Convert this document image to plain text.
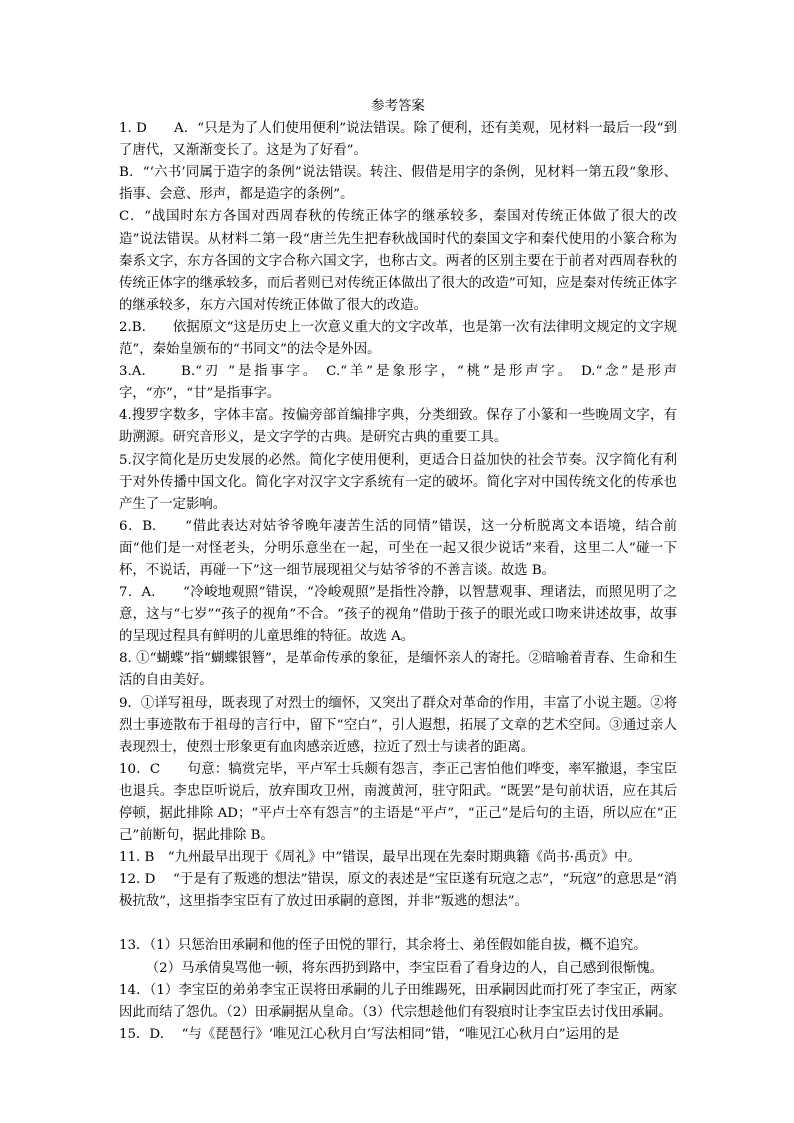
参考答案

1. D　　A．“只是为了人们使用便利”说法错误。除了便利，还有美观，见材料一最后一段“到了唐代，又渐渐变长了。这是为了好看”。

B．“‘六书’同属于造字的条例”说法错误。转注、假借是用字的条例，见材料一第五段“象形、指事、会意、形声，都是造字的条例”。

C．“战国时东方各国对西周春秋的传统正体字的继承较多，秦国对传统正体做了很大的改造”说法错误。从材料二第一段“唐兰先生把春秋战国时代的秦国文字和秦代使用的小篆合称为秦系文字，东方各国的文字合称六国文字，也称古文。两者的区别主要在于前者对西周春秋的传统正体字的继承较多，而后者则已对传统正体做出了很大的改造”可知，应是秦对传统正体字的继承较多，东方六国对传统正体做了很大的改造。

2.B.　　依据原文“这是历史上一次意义重大的文字改革，也是第一次有法律明文规定的文字规范”，秦始皇颁布的“书同文”的法令是外因。

3.A.　　B.“刃 ”是指事字。 C.“羊”是象形字，“桃”是形声字。 D.“念”是形声字，“亦”，“甘”是指事字。

4.搜罗字数多，字体丰富。按偏旁部首编排字典，分类细致。保存了小篆和一些晚周文字，有助溯源。研究音形义，是文字学的古典。是研究古典的重要工具。

5.汉字简化是历史发展的必然。简化字使用便利，更适合日益加快的社会节奏。汉字简化有利于对外传播中国文化。简化字对汉字文字系统有一定的破坏。简化字对中国传统文化的传承也产生了一定影响。

6．B.　　“借此表达对姑爷爷晚年凄苦生活的同情”错误，这一分析脱离文本语境，结合前面“他们是一对怪老头，分明乐意坐在一起，可坐在一起又很少说话”来看，这里二人“碰一下杯，不说话，再碰一下”这一细节展现祖父与姑爷爷的不善言谈。故选 B。

7．A.　　“冷峻地观照”错误，“冷峻观照”是指性冷静，以智慧观事、理诸法，而照见明了之意，这与“七岁”“孩子的视角”不合。“孩子的视角”借助于孩子的眼光或口吻来讲述故事，故事的呈现过程具有鲜明的儿童思维的特征。故选 A。

8. ①“蝴蝶”指“蝴蝶银簪”，是革命传承的象征，是缅怀亲人的寄托。②暗喻着青春、生命和生活的自由美好。

9．①详写祖母，既表现了对烈士的缅怀，又突出了群众对革命的作用，丰富了小说主题。②将烈士事迹散布于祖母的言行中，留下“空白”，引人遐想，拓展了文章的艺术空间。③通过亲人表现烈士，使烈士形象更有血肉感亲近感，拉近了烈士与读者的距离。

10．C　　句意：犒赏完毕，平卢军士兵颇有怨言，李正己害怕他们哗变，率军撤退，李宝臣也退兵。李忠臣听说后，放弃围攻卫州，南渡黄河，驻守阳武。“既罢”是句前状语，应在其后停顿，据此排除 AD；“平卢士卒有怨言”的主语是“平卢”，“正己”是后句的主语，所以应在“正己”前断句，据此排除 B。

11. B　“九州最早出现于《周礼》中”错误，最早出现在先秦时期典籍《尚书·禹贡》中。

12. D　 “于是有了叛逃的想法”错误，原文的表述是“宝臣遂有玩寇之志”，“玩寇”的意思是“消极抗敌”，这里指李宝臣有了放过田承嗣的意图，并非“叛逃的想法”。

13．（1）只惩治田承嗣和他的侄子田悦的罪行，其余将士、弟侄假如能自拔，概不追究。

（2）马承倩臭骂他一顿，将东西扔到路中，李宝臣看了看身边的人，自己感到很惭愧。

14．（1）李宝臣的弟弟李宝正误将田承嗣的儿子田维踢死，田承嗣因此而打死了李宝正，两家因此而结了怨仇。（2）田承嗣据从皇命。（3）代宗想趁他们有裂痕时让李宝臣去讨伐田承嗣。

15．D.　 “与《琵琶行》‘唯见江心秋月白’写法相同”错，“唯见江心秋月白”运用的是
